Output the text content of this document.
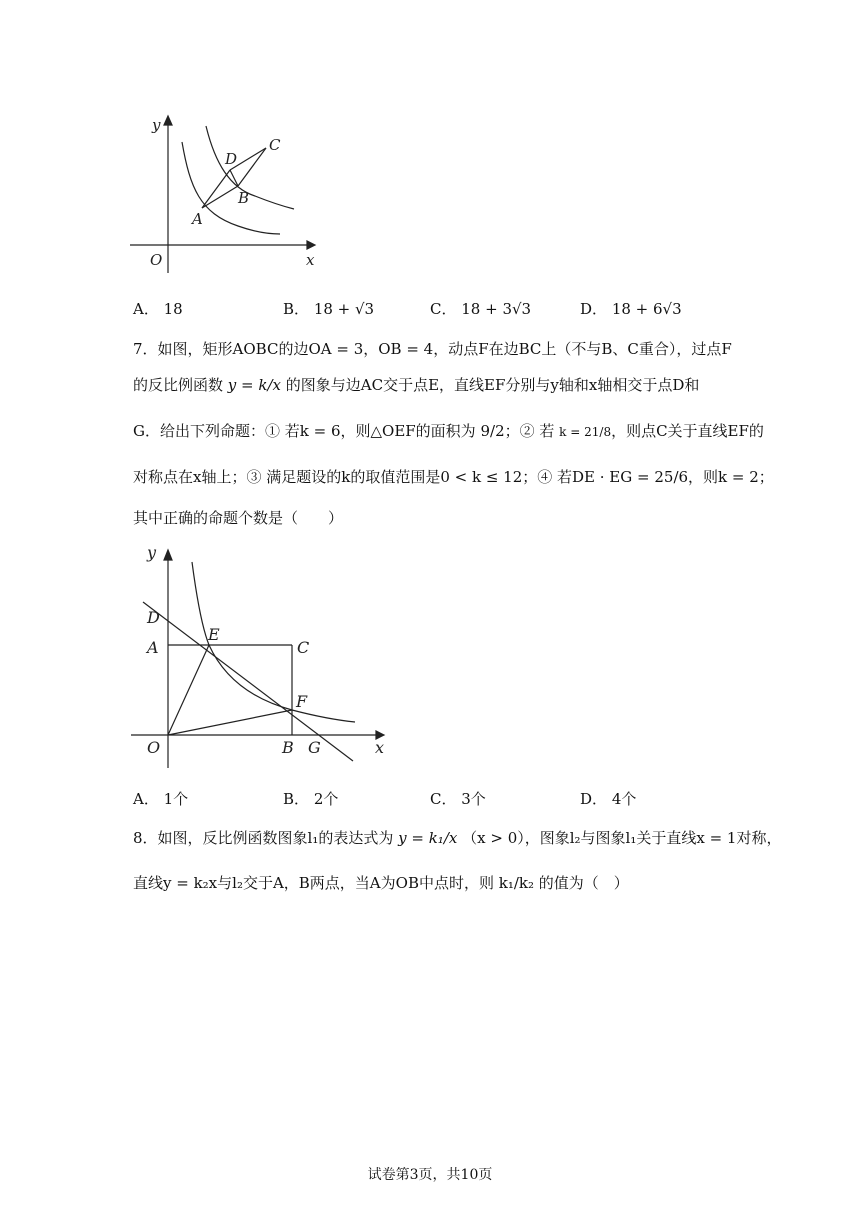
y
x
O
A
B
C
D
A． 18	B． 18 + √3	C． 18 + 3√3	D． 18 + 6√3
7．如图，矩形AOBC的边OA = 3，OB = 4，动点F在边BC上（不与B、C重合），过点F
的反比例函数 y = k/x 的图象与边AC交于点E，直线EF分别与y轴和x轴相交于点D和
G．给出下列命题：① 若k = 6，则△OEF的面积为 9/2；② 若 k = 21/8，则点C关于直线EF的
对称点在x轴上；③ 满足题设的k的取值范围是0 < k ≤ 12；④ 若DE · EG = 25/6，则k = 2；
其中正确的命题个数是（　　）
y
x
O
D
A
E
C
F
B G
A． 1个	B． 2个	C． 3个	D． 4个
8．如图，反比例函数图象l₁的表达式为 y = k₁/x （x > 0），图象l₂与图象l₁关于直线x = 1对称，
直线y = k₂x与l₂交于A，B两点，当A为OB中点时，则 k₁/k₂ 的值为（　）
试卷第3页，共10页
